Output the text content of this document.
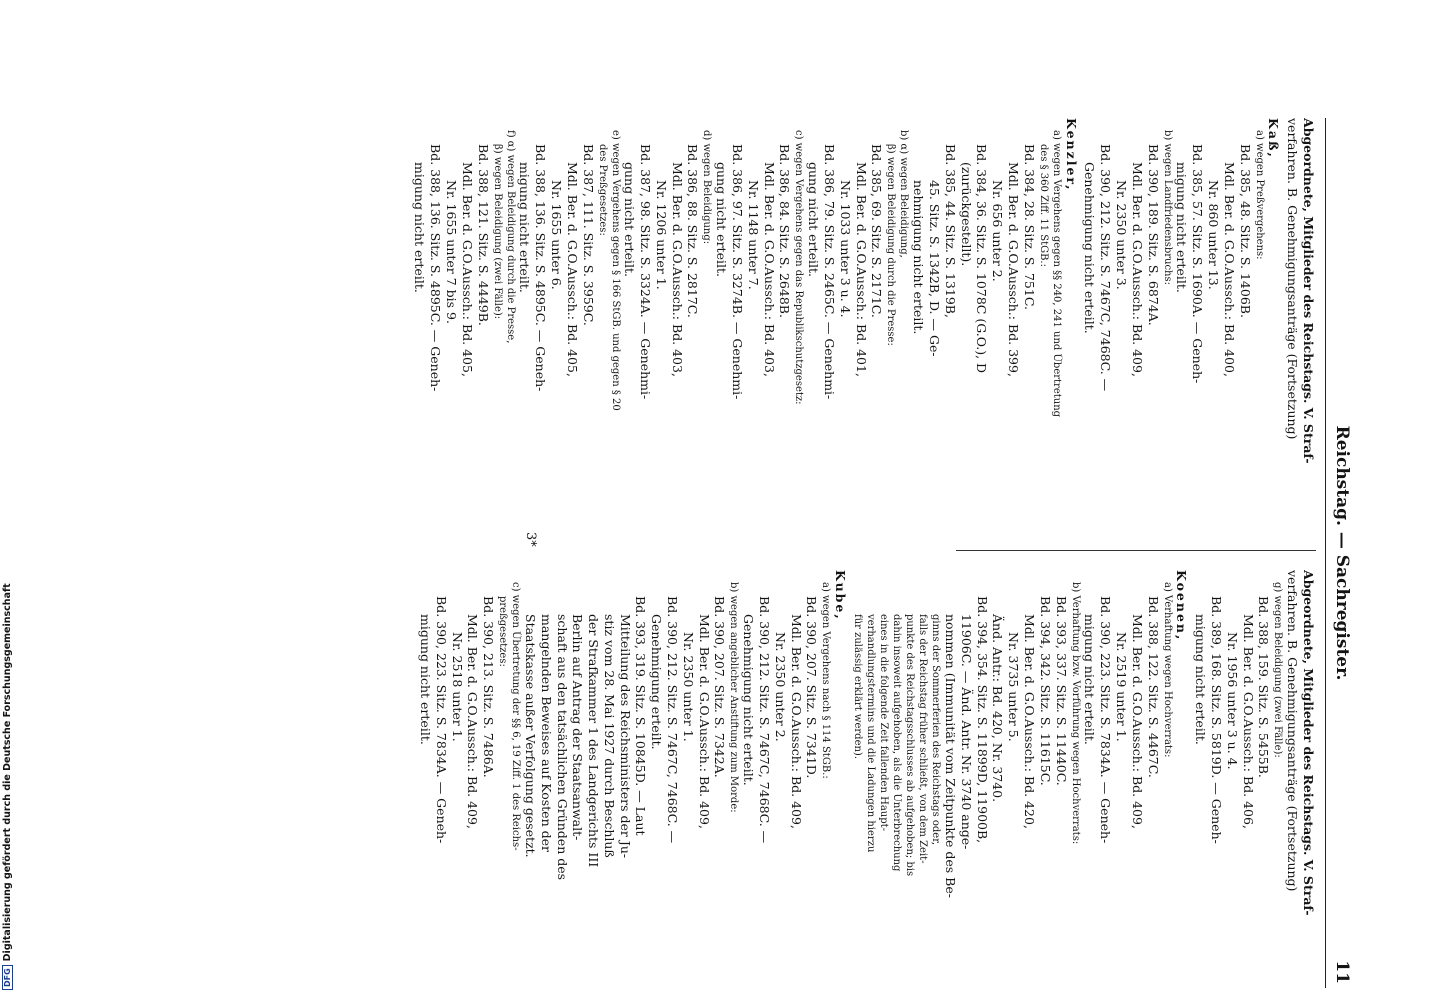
Reichstag. — Sachregister.
11
Abgeordnete, Mitglieder des Reichstags. V. Straf-
verfahren. B. Genehmigungsanträge (Fortsetzung)
Kaß,
a) wegen Preßvergehens:
Bd. 385, 48. Sitz. S. 1406B.
Mdl. Ber. d. G.O.Aussch.: Bd. 400,
Nr. 860 unter 13.
Bd. 385, 57. Sitz. S. 1690A. — Geneh-
migung nicht erteilt.
b) wegen Landfriedensbruchs:
Bd. 390, 189. Sitz. S. 6874A.
Mdl. Ber. d. G.O.Aussch.: Bd. 409,
Nr. 2350 unter 3.
Bd. 390, 212. Sitz. S. 7467C, 7468C. —
Genehmigung nicht erteilt.
Kenzler,
a) wegen Vergehens gegen §§ 240, 241 und Übertretung
des § 360 Ziff. 11 StGB.:
Bd. 384, 28. Sitz. S. 751C.
Mdl. Ber. d. G.O.Aussch.: Bd. 399,
Nr. 656 unter 2.
Bd. 384, 36. Sitz. S. 1078C (G.O.), D
(zurückgestellt).
Bd. 385, 44. Sitz. S. 1319B,
45. Sitz. S. 1342B, D. — Ge-
nehmigung nicht erteilt.
b) α) wegen Beleidigung,
β) wegen Beleidigung durch die Presse:
Bd. 385, 69. Sitz. S. 2171C.
Mdl. Ber. d. G.O.Aussch.: Bd. 401,
Nr. 1033 unter 3 u. 4.
Bd. 386, 79. Sitz. S. 2465C. — Genehmi-
gung nicht erteilt.
c) wegen Vergehens gegen das Republikschutzgesetz:
Bd. 386, 84. Sitz. S. 2648B.
Mdl. Ber. d. G.O.Aussch.: Bd. 403,
Nr. 1148 unter 7.
Bd. 386, 97. Sitz. S. 3274B. — Genehmi-
gung nicht erteilt.
d) wegen Beleidigung:
Bd. 386, 88. Sitz. S. 2817C.
Mdl. Ber. d. G.O.Aussch.: Bd. 403,
Nr. 1206 unter 1.
Bd. 387, 98. Sitz. S. 3324A. — Genehmi-
gung nicht erteilt.
e) wegen Vergehens gegen § 166 StGB. und gegen § 20
des Preßgesetzes:
Bd. 387, 111. Sitz. S. 3959C.
Mdl. Ber. d. G.O.Aussch.: Bd. 405,
Nr. 1655 unter 6.
Bd. 388, 136. Sitz. S. 4895C. — Geneh-
migung nicht erteilt.
f) α) wegen Beleidigung durch die Presse,
β) wegen Beleidigung (zwei Fälle):
Bd. 388, 121. Sitz. S. 4449B.
Mdl. Ber. d. G.O.Aussch.: Bd. 405,
Nr. 1655 unter 7 bis 9.
Bd. 388, 136. Sitz. S. 4895C. — Geneh-
migung nicht erteilt.
Abgeordnete, Mitglieder des Reichstags. V. Straf-
verfahren. B. Genehmigungsanträge (Fortsetzung)
g) wegen Beleidigung (zwei Fälle):
Bd. 388, 159. Sitz. S. 5455B.
Mdl. Ber. d. G.O.Aussch.: Bd. 406,
Nr. 1956 unter 3 u. 4.
Bd. 389, 168. Sitz. S. 5819D. — Geneh-
migung nicht erteilt.
Koenen,
a) Verhaftung wegen Hochverrats:
Bd. 388, 122. Sitz. S. 4467C.
Mdl. Ber. d. G.O.Aussch.: Bd. 409,
Nr. 2519 unter 1.
Bd. 390, 223. Sitz. S. 7834A. — Geneh-
migung nicht erteilt.
b) Verhaftung bzw. Vorführung wegen Hochverrats:
Bd. 393, 337. Sitz. S. 11440C.
Bd. 394, 342. Sitz. S. 11615C.
Mdl. Ber. d. G.O.Aussch.: Bd. 420,
Nr. 3735 unter 5.
Änd. Antr.: Bd. 420, Nr. 3740.
Bd. 394, 354. Sitz. S. 11899D, 11900B,
11906C. — Änd. Antr. Nr. 3740 ange-
nommen (Immunität vom Zeitpunkte des Be-
ginns der Sommerferien des Reichstags oder,
falls der Reichstag früher schließt, von dem Zeit-
punkte des Reichstagsschlusses ab aufgehoben; bis
dahin insoweit aufgehoben, als die Unterbrechung
eines in die folgende Zeit fallenden Haupt-
verhandlungstermins und die Ladungen hierzu
für zulässig erklärt werden).
Kube,
a) wegen Vergehens nach § 114 StGB.:
Bd. 390, 207. Sitz. S. 7341D.
Mdl. Ber. d. G.O.Aussch.: Bd. 409,
Nr. 2350 unter 2.
Bd. 390, 212. Sitz. S. 7467C, 7468C. —
Genehmigung nicht erteilt.
b) wegen angeblicher Anstiftung zum Morde:
Bd. 390, 207. Sitz. S. 7342A.
Mdl. Ber. d. G.O.Aussch.: Bd. 409,
Nr. 2350 unter 1.
Bd. 390, 212. Sitz. S. 7467C, 7468C. —
Genehmigung erteilt.
Bd. 393, 319. Sitz. S. 10845D. — Laut
Mitteilung des Reichsministers der Ju-
stiz vom 28. Mai 1927 durch Beschluß
der Strafkammer 1 des Landgerichts III
Berlin auf Antrag der Staatsanwalt-
schaft aus den tatsächlichen Gründen des
mangelnden Beweises auf Kosten der
Staatskasse außer Verfolgung gesetzt.
c) wegen Übertretung der §§ 6, 19 Ziff. 1 des Reichs-
preßgesetzes:
Bd. 390, 213. Sitz. S. 7486A.
Mdl. Ber. d. G.O.Aussch.: Bd. 409,
Nr. 2518 unter 1.
Bd. 390, 223. Sitz. S. 7834A. — Geneh-
migung nicht erteilt.
3*
DFGDigitalisierung gefördert durch die Deutsche Forschungsgemeinschaft
